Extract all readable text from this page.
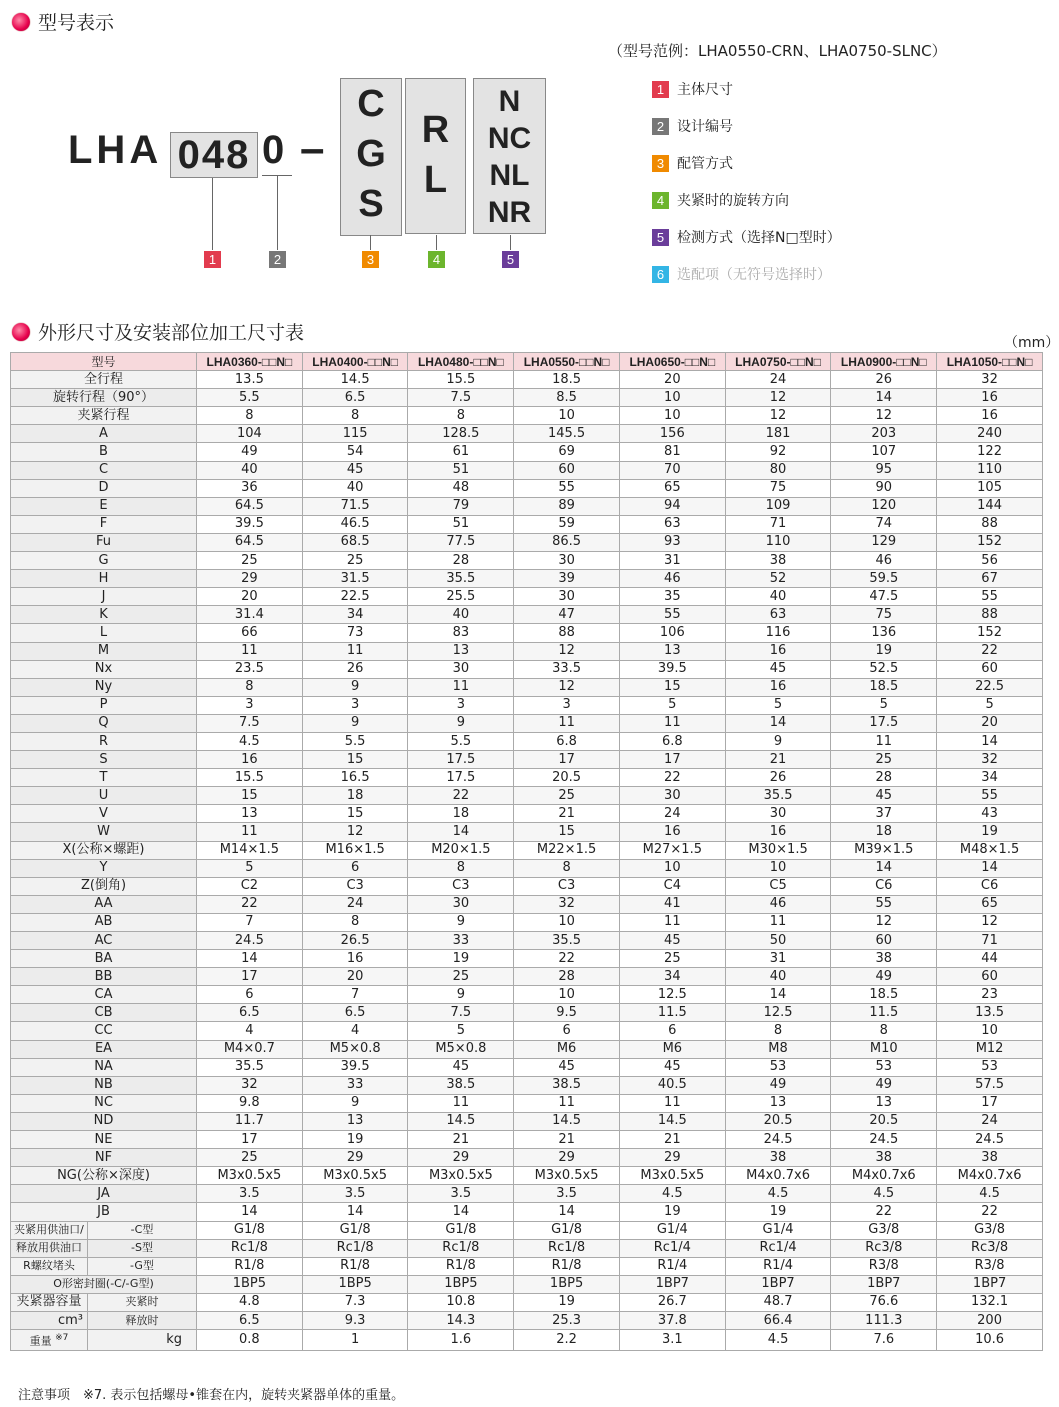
型号表示
（型号范例：LHA0550-CRN、LHA0750-SLNC）
LHA 048 0 –
C
G
S
R
L
N
NC
NL
NR
1	2	3	4	5
1 主体尺寸
2 设计编号
3 配管方式
4 夹紧时的旋转方向
5 检测方式（选择N□型时）
6 选配项（无符号选择时）
外形尺寸及安装部位加工尺寸表	（mm）
型号		LHA0360-□□N□	LHA0400-□□N□	LHA0480-□□N□	LHA0550-□□N□	LHA0650-□□N□	LHA0750-□□N□	LHA0900-□□N□	LHA1050-□□N□
全行程		13.5	14.5	15.5	18.5	20	24	26	32
旋转行程（90°）		5.5	6.5	7.5	8.5	10	12	14	16
夹紧行程		8	8	8	10	10	12	12	16
A		104	115	128.5	145.5	156	181	203	240
B		49	54	61	69	81	92	107	122
C		40	45	51	60	70	80	95	110
D		36	40	48	55	65	75	90	105
E		64.5	71.5	79	89	94	109	120	144
F		39.5	46.5	51	59	63	71	74	88
Fu		64.5	68.5	77.5	86.5	93	110	129	152
G		25	25	28	30	31	38	46	56
H		29	31.5	35.5	39	46	52	59.5	67
J		20	22.5	25.5	30	35	40	47.5	55
K		31.4	34	40	47	55	63	75	88
L		66	73	83	88	106	116	136	152
M		11	11	13	12	13	16	19	22
Nx		23.5	26	30	33.5	39.5	45	52.5	60
Ny		8	9	11	12	15	16	18.5	22.5
P		3	3	3	3	5	5	5	5
Q		7.5	9	9	11	11	14	17.5	20
R		4.5	5.5	5.5	6.8	6.8	9	11	14
S		16	15	17.5	17	17	21	25	32
T		15.5	16.5	17.5	20.5	22	26	28	34
U		15	18	22	25	30	35.5	45	55
V		13	15	18	21	24	30	37	43
W		11	12	14	15	16	16	18	19
X(公称×螺距)		M14×1.5	M16×1.5	M20×1.5	M22×1.5	M27×1.5	M30×1.5	M39×1.5	M48×1.5
Y		5	6	8	8	10	10	14	14
Z(倒角)		C2	C3	C3	C3	C4	C5	C6	C6
AA		22	24	30	32	41	46	55	65
AB		7	8	9	10	11	11	12	12
AC		24.5	26.5	33	35.5	45	50	60	71
BA		14	16	19	22	25	31	38	44
BB		17	20	25	28	34	40	49	60
CA		6	7	9	10	12.5	14	18.5	23
CB		6.5	6.5	7.5	9.5	11.5	12.5	11.5	13.5
CC		4	4	5	6	6	8	8	10
EA		M4×0.7	M5×0.8	M5×0.8	M6	M6	M8	M10	M12
NA		35.5	39.5	45	45	45	53	53	53
NB		32	33	38.5	38.5	40.5	49	49	57.5
NC		9.8	9	11	11	11	13	13	17
ND		11.7	13	14.5	14.5	14.5	20.5	20.5	24
NE		17	19	21	21	21	24.5	24.5	24.5
NF		25	29	29	29	29	38	38	38
NG(公称×深度)		M3x0.5x5	M3x0.5x5	M3x0.5x5	M3x0.5x5	M3x0.5x5	M4x0.7x6	M4x0.7x6	M4x0.7x6
JA		3.5	3.5	3.5	3.5	4.5	4.5	4.5	4.5
JB		14	14	14	14	19	19	22	22
夹紧用供油口/	-C型	G1/8	G1/8	G1/8	G1/8	G1/4	G1/4	G3/8	G3/8
释放用供油口	-S型	Rc1/8	Rc1/8	Rc1/8	Rc1/8	Rc1/4	Rc1/4	Rc3/8	Rc3/8
R螺纹堵头	-G型	R1/8	R1/8	R1/8	R1/8	R1/4	R1/4	R3/8	R3/8
O形密封圈(-C/-G型)		1BP5	1BP5	1BP5	1BP5	1BP7	1BP7	1BP7	1BP7
夹紧器容量	夹紧时	4.8	7.3	10.8	19	26.7	48.7	76.6	132.1
cm³	释放时	6.5	9.3	14.3	25.3	37.8	66.4	111.3	200
重量 $^{※7}$	kg	0.8	1	1.6	2.2	3.1	4.5	7.6	10.6
注意事项　※7. 表示包括螺母•锥套在内，旋转夹紧器单体的重量。
